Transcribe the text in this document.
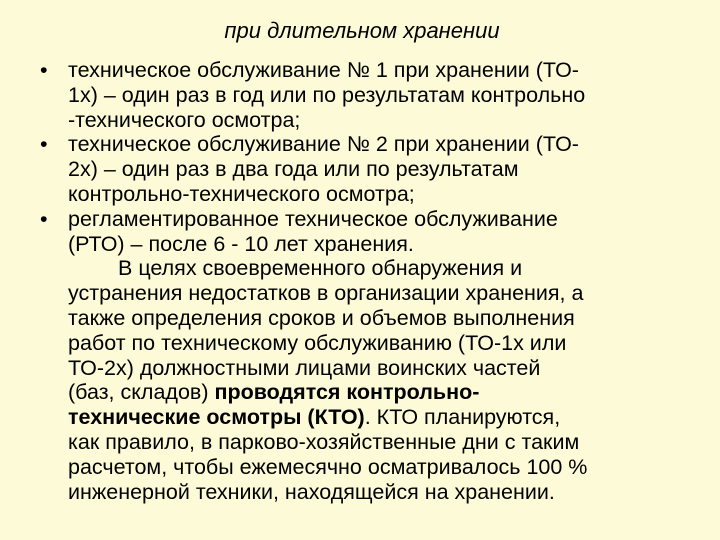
при длительном хранении
• техническое обслуживание № 1 при хранении (ТО-
1х) – один раз в год или по результатам контрольно
-технического осмотра;
• техническое обслуживание № 2 при хранении (ТО-
2х) – один раз в два года или по результатам
контрольно-технического осмотра;
• регламентированное техническое обслуживание
(РТО) – после 6 - 10 лет хранения.
В целях своевременного обнаружения и
устранения недостатков в организации хранения, а
также определения сроков и объемов выполнения
работ по техническому обслуживанию (ТО-1х или
ТО-2х) должностными лицами воинских частей
(баз, складов) проводятся контрольно-
технические осмотры (КТО). КТО планируются,
как правило, в парково-хозяйственные дни с таким
расчетом, чтобы ежемесячно осматривалось 100 %
инженерной техники, находящейся на хранении.
